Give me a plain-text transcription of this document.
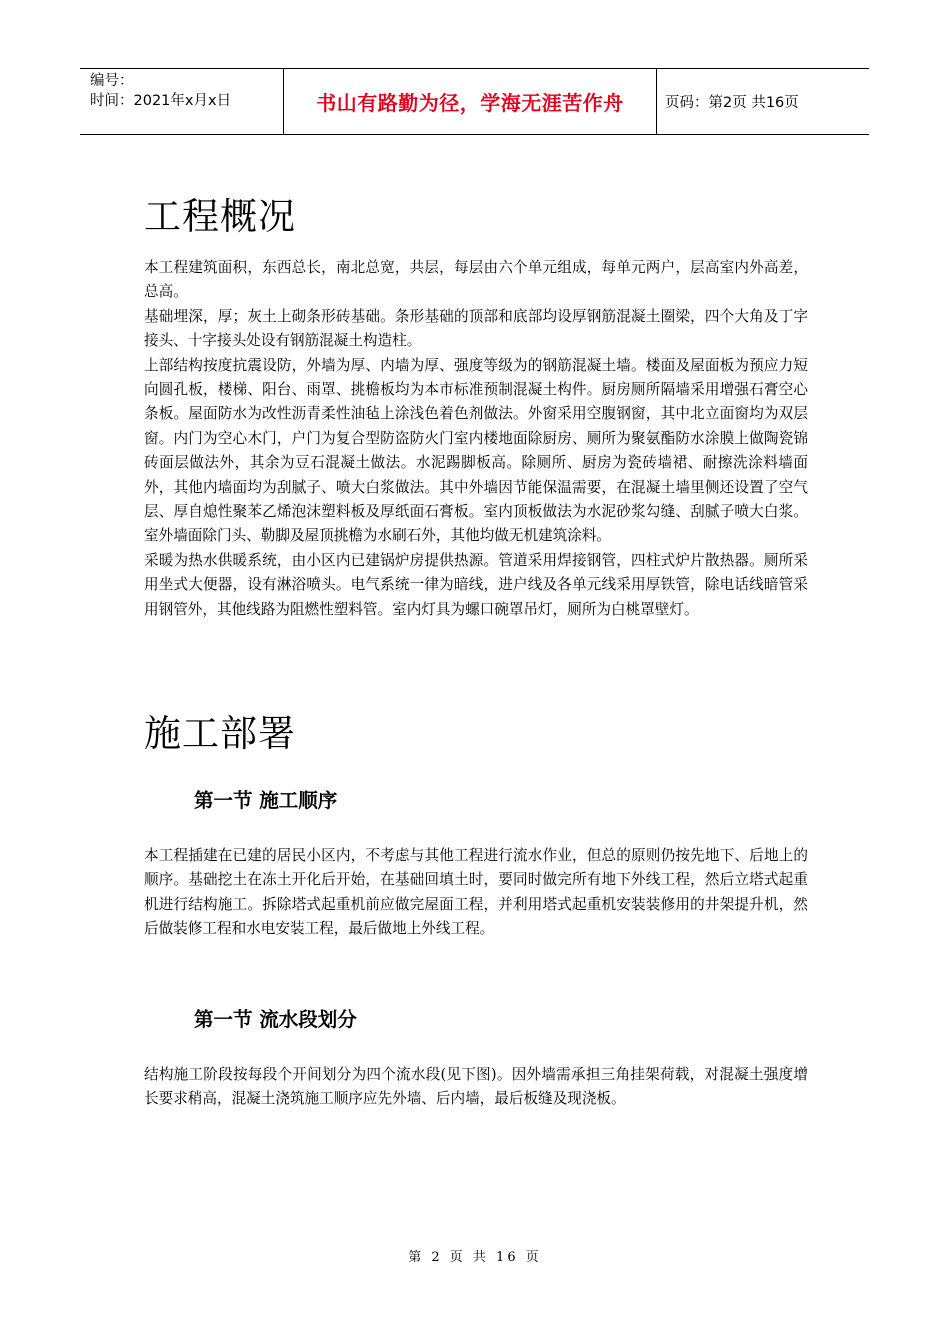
编号：
时间：2021年x月x日	书山有路勤为径，学海无涯苦作舟	页码：第2页 共16页
工程概况

本工程建筑面积，东西总长，南北总宽，共层，每层由六个单元组成，每单元两户，层高室内外高差，总高。

基础埋深，厚；灰土上砌条形砖基础。条形基础的顶部和底部均设厚钢筋混凝土圈梁，四个大角及丁字接头、十字接头处设有钢筋混凝土构造柱。

上部结构按度抗震设防，外墙为厚、内墙为厚、强度等级为的钢筋混凝土墙。楼面及屋面板为预应力短向圆孔板，楼梯、阳台、雨罩、挑檐板均为本市标准预制混凝土构件。厨房厕所隔墙采用增强石膏空心条板。屋面防水为改性沥青柔性油毡上涂浅色着色剂做法。外窗采用空腹钢窗，其中北立面窗均为双层窗。内门为空心木门，户门为复合型防盗防火门室内楼地面除厨房、厕所为聚氨酯防水涂膜上做陶瓷锦砖面层做法外，其余为豆石混凝土做法。水泥踢脚板高。除厕所、厨房为瓷砖墙裙、耐擦洗涂料墙面外，其他内墙面均为刮腻子、喷大白浆做法。其中外墙因节能保温需要，在混凝土墙里侧还设置了空气层、厚自熄性聚苯乙烯泡沫塑料板及厚纸面石膏板。室内顶板做法为水泥砂浆勾缝、刮腻子喷大白浆。室外墙面除门头、勒脚及屋顶挑檐为水刷石外，其他均做无机建筑涂料。

采暖为热水供暖系统，由小区内已建锅炉房提供热源。管道采用焊接钢管，四柱式炉片散热器。厕所采用坐式大便器，设有淋浴喷头。电气系统一律为暗线，进户线及各单元线采用厚铁管，除电话线暗管采用钢管外，其他线路为阻燃性塑料管。室内灯具为螺口碗罩吊灯，厕所为白桃罩壁灯。

施工部署
第一节 施工顺序

本工程插建在已建的居民小区内，不考虑与其他工程进行流水作业，但总的原则仍按先地下、后地上的顺序。基础挖土在冻土开化后开始，在基础回填土时，要同时做完所有地下外线工程，然后立塔式起重机进行结构施工。拆除塔式起重机前应做完屋面工程，并利用塔式起重机安装装修用的井架提升机，然后做装修工程和水电安装工程，最后做地上外线工程。

第一节 流水段划分

结构施工阶段按每段个开间划分为四个流水段(见下图)。因外墙需承担三角挂架荷载，对混凝土强度增长要求稍高，混凝土浇筑施工顺序应先外墙、后内墙，最后板缝及现浇板。

第 2 页 共 16 页
